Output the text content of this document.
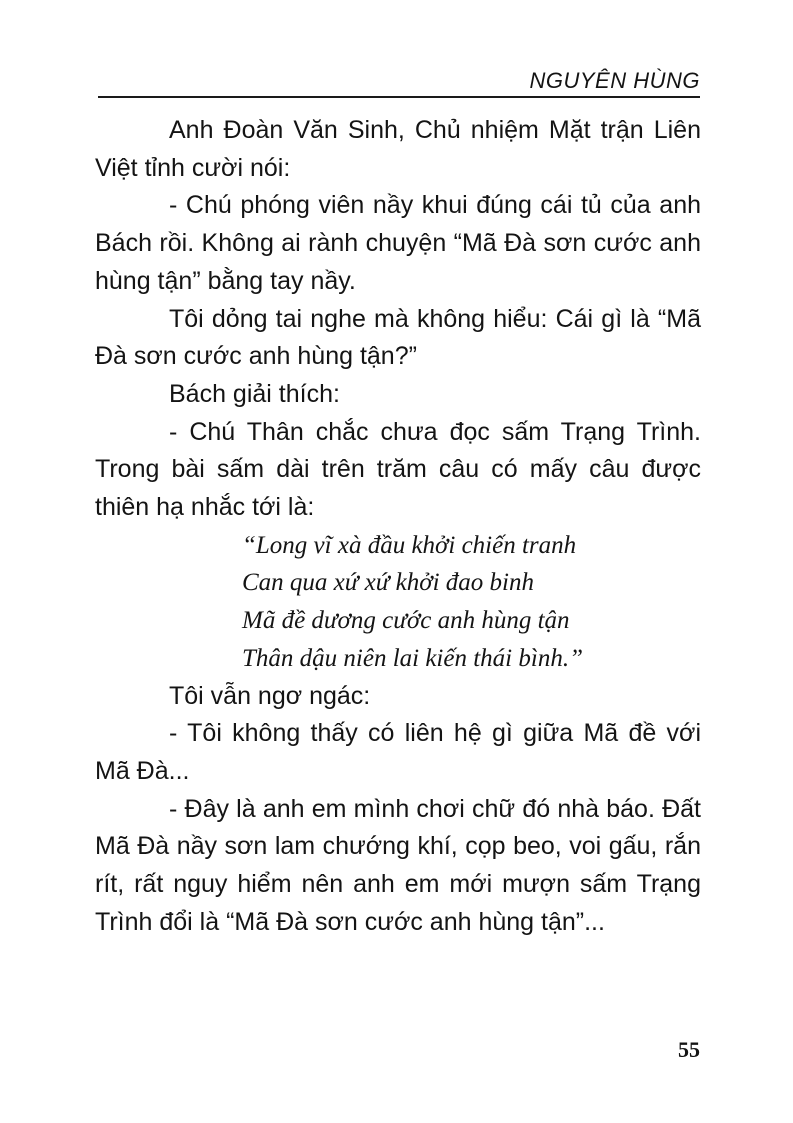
NGUYÊN HÙNG

Anh Đoàn Văn Sinh, Chủ nhiệm Mặt trận Liên Việt tỉnh cười nói:

- Chú phóng viên nầy khui đúng cái tủ của anh Bách rồi. Không ai rành chuyện “Mã Đà sơn cước anh hùng tận” bằng tay nầy.

Tôi dỏng tai nghe mà không hiểu: Cái gì là “Mã Đà sơn cước anh hùng tận?”

Bách giải thích:

- Chú Thân chắc chưa đọc sấm Trạng Trình. Trong bài sấm dài trên trăm câu có mấy câu được thiên hạ nhắc tới là:

“Long vĩ xà đầu khởi chiến tranh
Can qua xứ xứ khởi đao binh
Mã đề dương cước anh hùng tận
Thân dậu niên lai kiến thái bình.”

Tôi vẫn ngơ ngác:

- Tôi không thấy có liên hệ gì giữa Mã đề với Mã Đà...

- Đây là anh em mình chơi chữ đó nhà báo. Đất Mã Đà nầy sơn lam chướng khí, cọp beo, voi gấu, rắn rít, rất nguy hiểm nên anh em mới mượn sấm Trạng Trình đổi là “Mã Đà sơn cước anh hùng tận”...

55
